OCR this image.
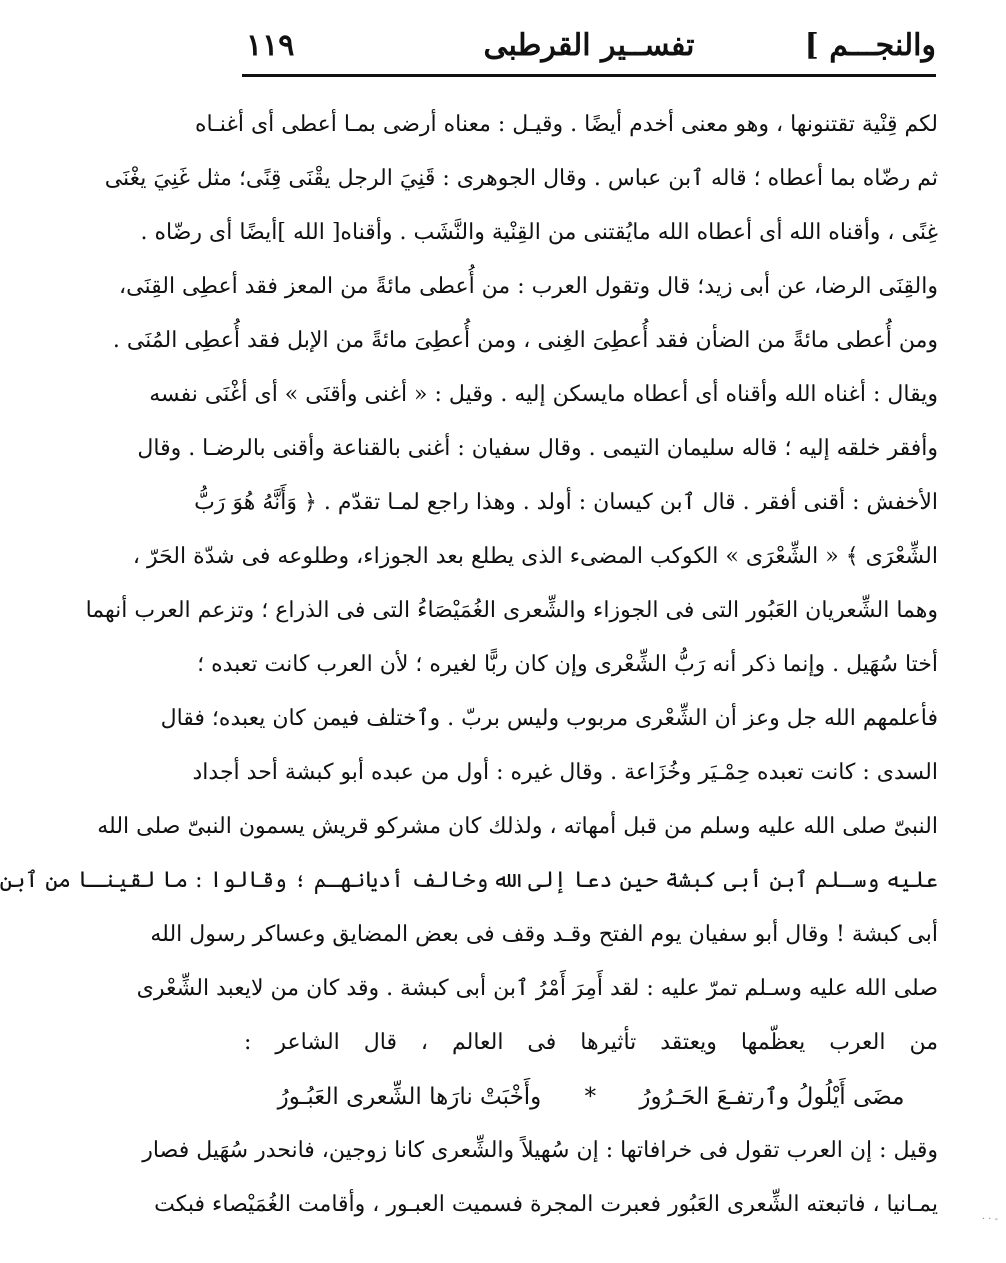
والنجـــم ]
تفســير القرطبى
١١٩
لكم قِنْية تقتنونها ، وهو معنى أخدم أيضًا . وقيـل : معناه أرضى بمـا أعطى أى أغنـاه
ثم رضّاه بما أعطاه ؛ قاله ٱبن عباس . وقال الجوهرى : قَنِيَ الرجل يقْنَى قِنًى؛ مثل غَنِيَ يغْنَى
غِنًى ، وأقناه الله أى أعطاه الله مايُقتنى من القِنْية والنَّشَب . وأقناه[ الله ]أيضًا أى رضّاه .
والقِنَى الرضا، عن أبى زيد؛ قال وتقول العرب : من أُعطى مائةً من المعز فقد أعطِى القِنَى،
ومن أُعطى مائةً من الضأن فقد أُعطِىَ الغِنى ، ومن أُعطِىَ مائةً من الإبل فقد أُعطِى المُنَى .
ويقال : أغناه الله وأقناه أى أعطاه مايسكن إليه . وقيل : « أغنى وأقنَى » أى أغْنَى نفسه
وأفقر خلقه إليه ؛ قاله سليمان التيمى . وقال سفيان : أغنى بالقناعة وأقنى بالرضـا . وقال
الأخفش : أقنى أفقر . قال ٱبن كيسان : أولد . وهذا راجع لمـا تقدّم . ﴿ وَأَنَّهُ هُوَ رَبُّ
الشِّعْرَى ﴾ « الشِّعْرَى » الكوكب المضىء الذى يطلع بعد الجوزاء، وطلوعه فى شدّة الحَرّ ،
وهما الشِّعريان العَبُور التى فى الجوزاء والشِّعرى الغُمَيْصَاءُ التى فى الذراع ؛ وتزعم العرب أنهما
أختا سُهَيل . وإنما ذكر أنه رَبُّ الشِّعْرى وإن كان ربًّا لغيره ؛ لأن العرب كانت تعبده ؛
فأعلمهم الله جل وعز أن الشِّعْرى مربوب وليس بربّ . وٱختلف فيمن كان يعبده؛ فقال
السدى : كانت تعبده حِمْـيَر وخُزَاعة . وقال غيره : أول من عبده أبو كبشة أحد أجداد
النبىّ صلى الله عليه وسلم من قبل أمهاته ، ولذلك كان مشركو قريش يسمون النبىّ صلى الله
عليه وسـلم ٱبن أبى كبشة حين دعا إلى الله وخالف أديانهـم ؛ وقالوا : ما لقينـا من ٱبن
أبى كبشة ! وقال أبو سفيان يوم الفتح وقـد وقف فى بعض المضايق وعساكر رسول الله
صلى الله عليه وسـلم تمرّ عليه : لقد أَمِرَ أَمْرُ ٱبن أبى كبشة . وقد كان من لايعبد الشِّعْرى
من العرب يعظّمها ويعتقد تأثيرها فى العالم ، قال الشاعر :
مضَى أَيْلُولُ وٱرتفـعَ الحَـرُورُ * وأَخْبَتْ نارَها الشِّعرى العَبُـورُ
وقيل : إن العرب تقول فى خرافاتها : إن سُهيلاً والشِّعرى كانا زوجين، فانحدر سُهَيل فصار
يمـانيا ، فاتبعته الشِّعرى العَبُور فعبرت المجرة فسميت العبـور ، وأقامت الغُمَيْصاء فبكت
- · ·
